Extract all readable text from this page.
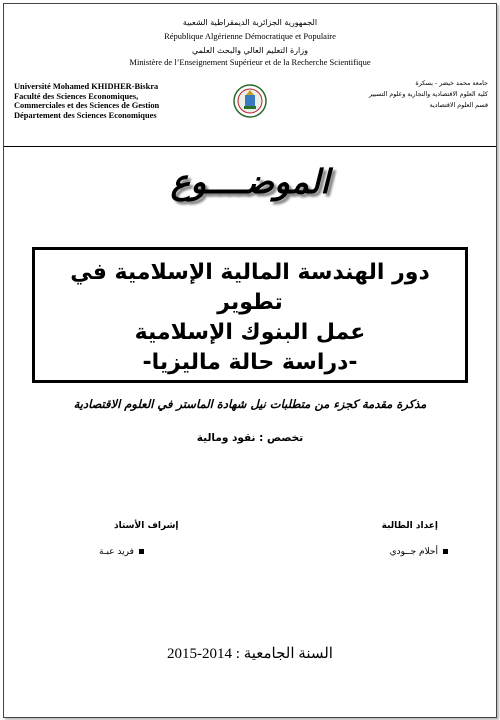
الجمهورية الجزائرية الديمقراطية الشعبية
République Algérienne Démocratique et Populaire
وزارة التعليم العالي والبحث العلمي
Ministère de l’Enseignement Supérieur et de la Recherche Scientifique
Université Mohamed KHIDHER-Biskra
Faculté des Sciences Economiques,
Commerciales et des Sciences de Gestion
Département des Sciences Economiques
جامعة محمد خيضر - بسكرة
كلية العلوم الاقتصادية والتجارية وعلوم التسيير
قسم العلوم الاقتصادية
الموضــــوع
دور الهندسة المالية الإسلامية في تطوير
عمل البنوك الإسلامية
-دراسة حالة ماليزيا-
مذكرة مقدمة كجزء من متطلبات نيل شهادة الماستر في العلوم الاقتصادية
تخصص : نقود ومالية
إعداد الطالبة
أحلام جــودي
إشراف الأستاذ
فريد عبـة
السنة الجامعية : 2014-2015
